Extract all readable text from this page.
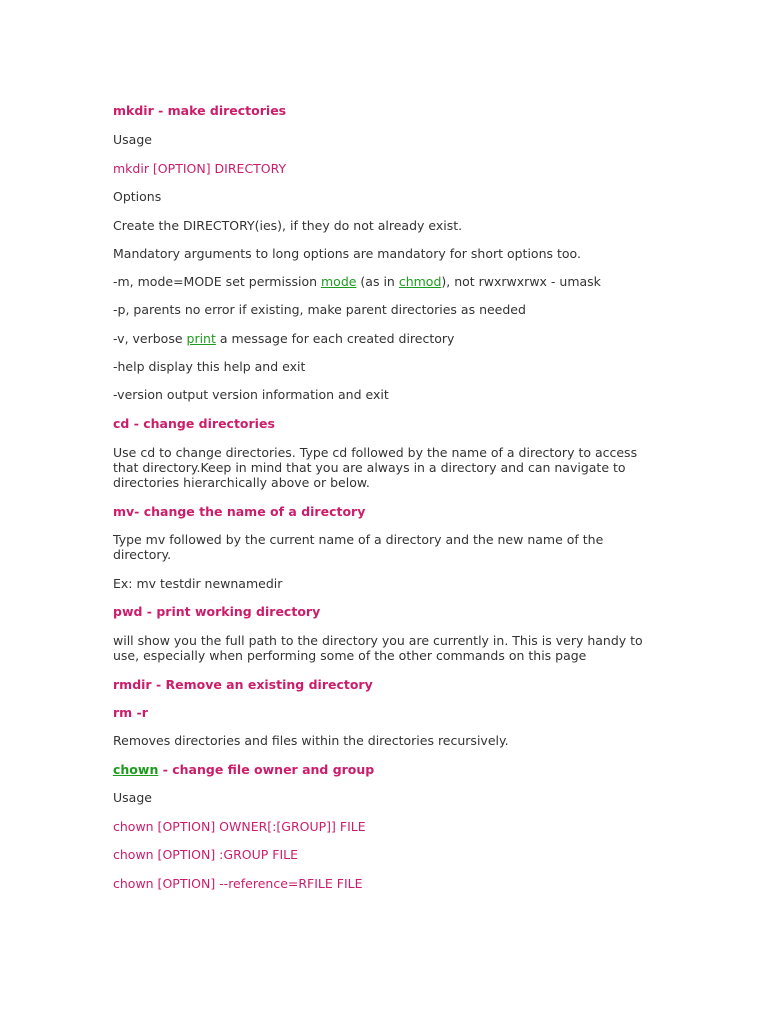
mkdir - make directories
Usage
mkdir [OPTION] DIRECTORY
Options
Create the DIRECTORY(ies), if they do not already exist.
Mandatory arguments to long options are mandatory for short options too.
-m, mode=MODE set permission mode (as in chmod), not rwxrwxrwx - umask
-p, parents no error if existing, make parent directories as needed
-v, verbose print a message for each created directory
-help display this help and exit
-version output version information and exit
cd - change directories
Use cd to change directories. Type cd followed by the name of a directory to access that directory.Keep in mind that you are always in a directory and can navigate to directories hierarchically above or below.
mv- change the name of a directory
Type mv followed by the current name of a directory and the new name of the directory.
Ex: mv testdir newnamedir
pwd - print working directory
will show you the full path to the directory you are currently in. This is very handy to use, especially when performing some of the other commands on this page
rmdir - Remove an existing directory
rm -r
Removes directories and files within the directories recursively.
chown - change file owner and group
Usage
chown [OPTION] OWNER[:[GROUP]] FILE
chown [OPTION] :GROUP FILE
chown [OPTION] --reference=RFILE FILE
